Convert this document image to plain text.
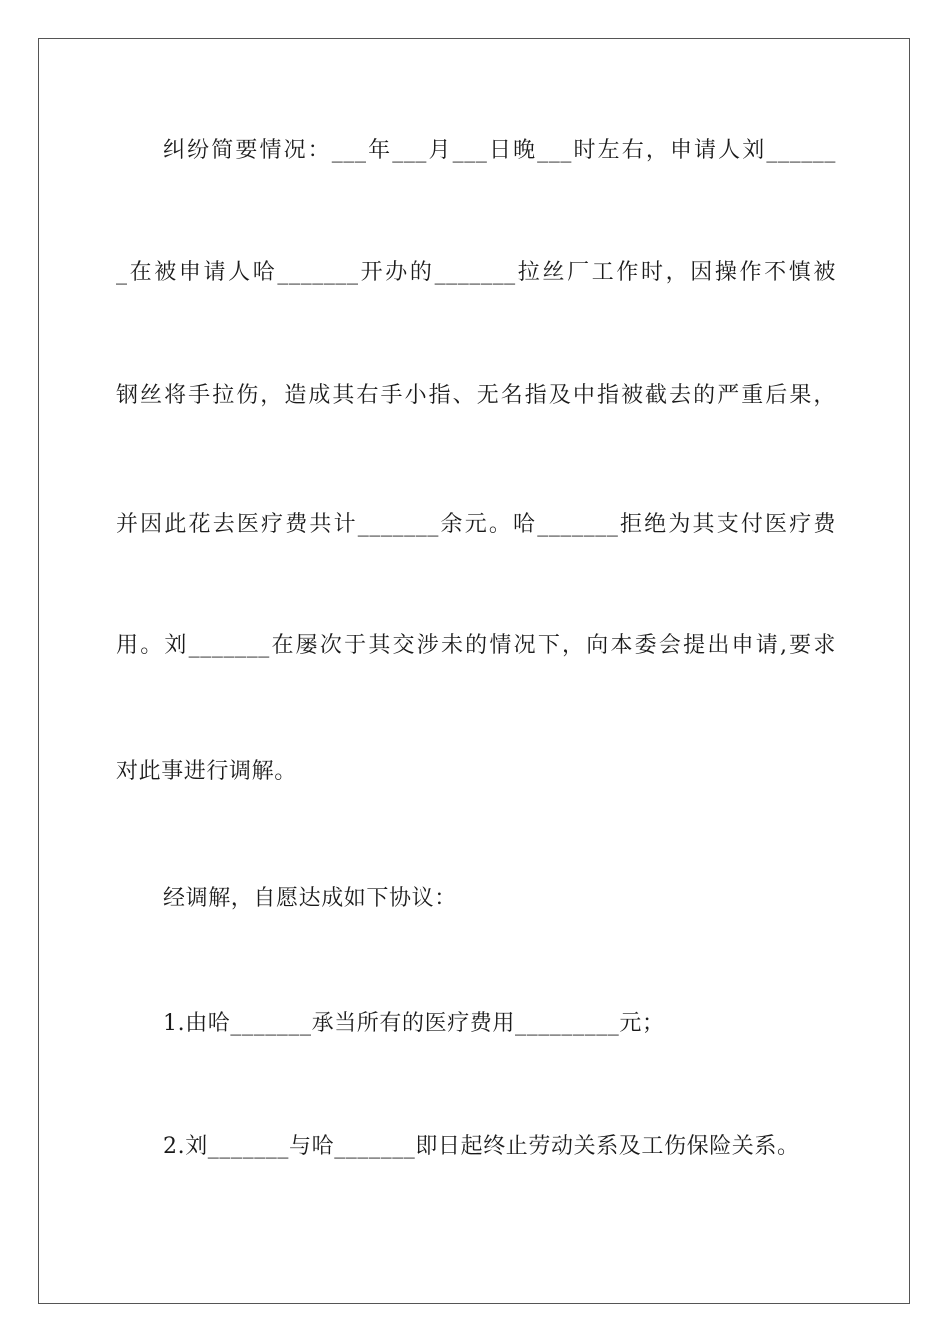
纠纷简要情况：___年___月___日晚___时左右，申请人刘______
_在被申请人哈_______开办的_______拉丝厂工作时，因操作不慎被
钢丝将手拉伤，造成其右手小指、无名指及中指被截去的严重后果，
并因此花去医疗费共计_______余元。哈_______拒绝为其支付医疗费
用。刘_______在屡次于其交涉未的情况下，向本委会提出申请,要求
对此事进行调解。
经调解，自愿达成如下协议：
1.由哈_______承当所有的医疗费用_________元；
2.刘_______与哈_______即日起终止劳动关系及工伤保险关系。
